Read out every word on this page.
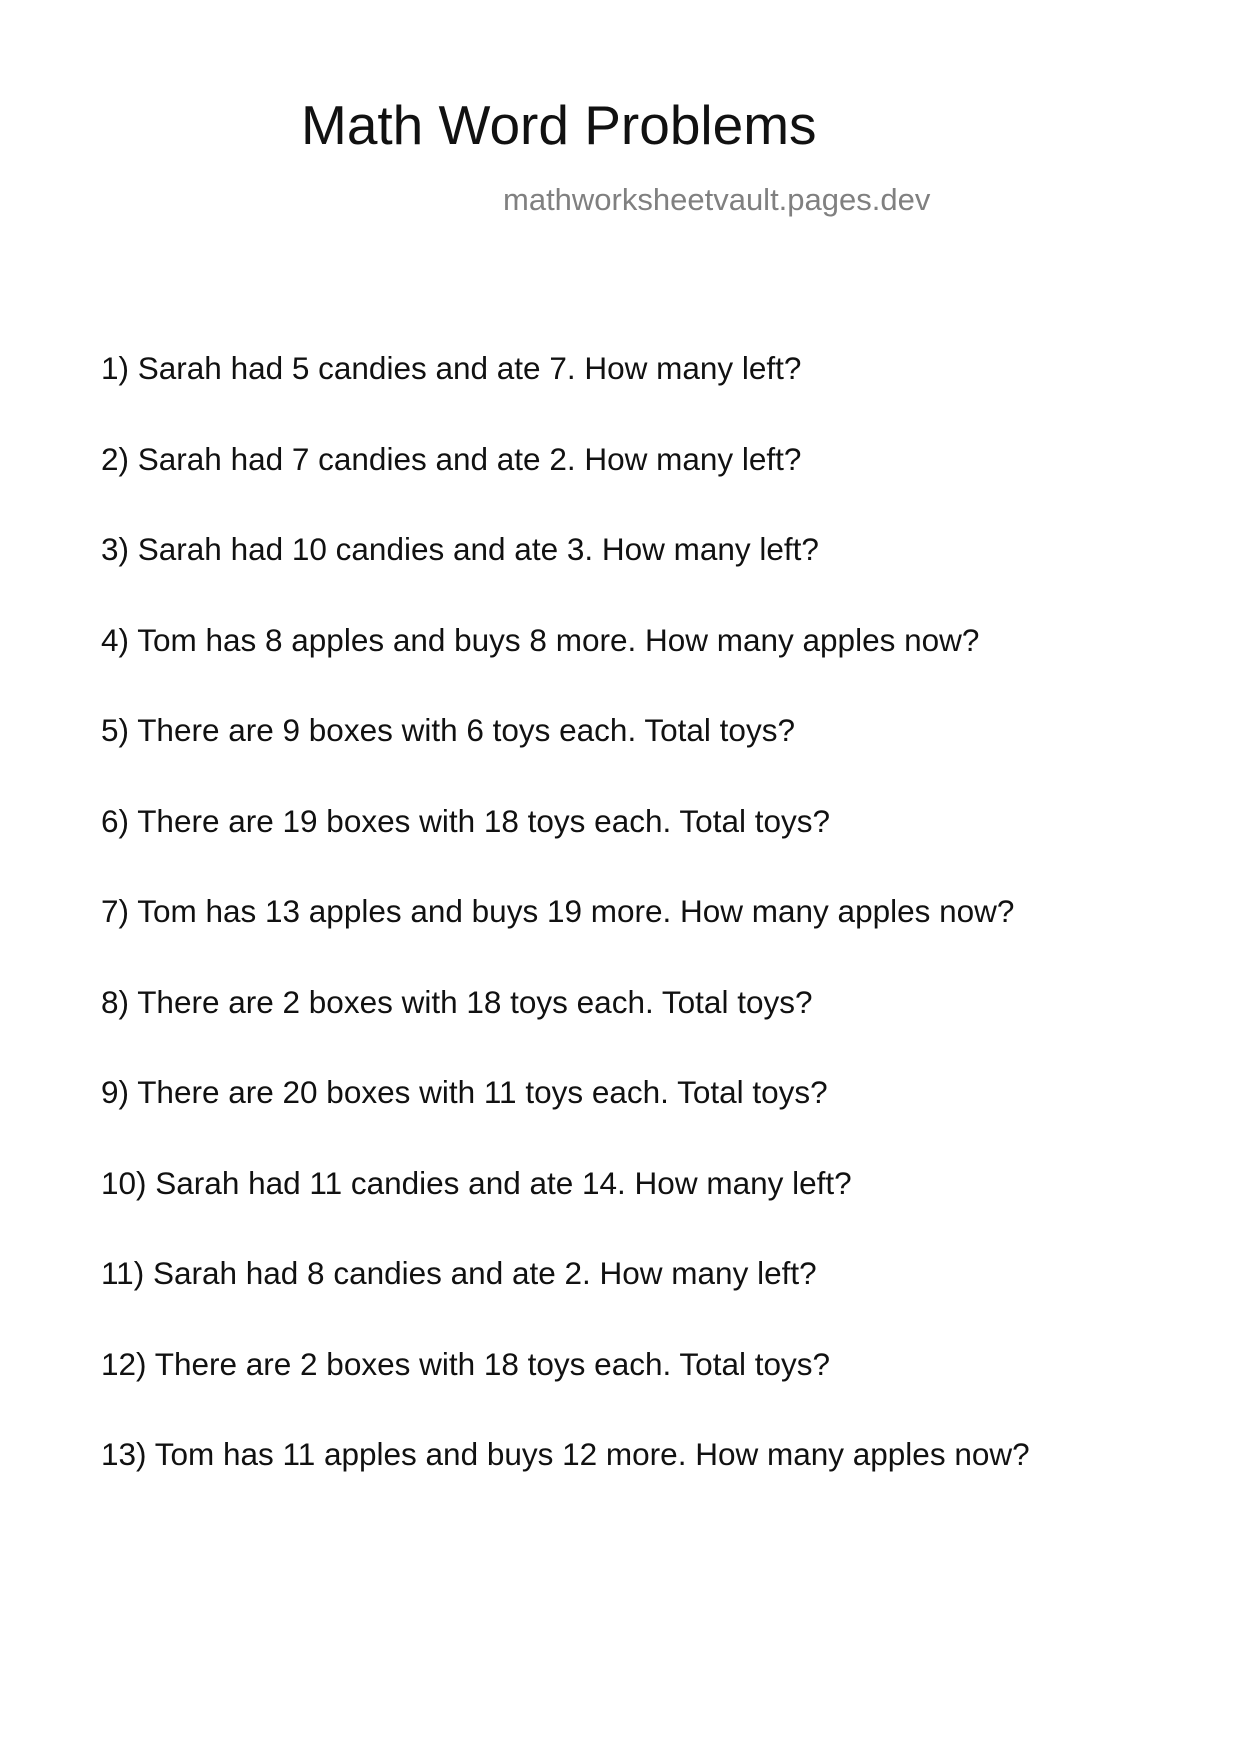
Math Word Problems
mathworksheetvault.pages.dev
1) Sarah had 5 candies and ate 7. How many left?
2) Sarah had 7 candies and ate 2. How many left?
3) Sarah had 10 candies and ate 3. How many left?
4) Tom has 8 apples and buys 8 more. How many apples now?
5) There are 9 boxes with 6 toys each. Total toys?
6) There are 19 boxes with 18 toys each. Total toys?
7) Tom has 13 apples and buys 19 more. How many apples now?
8) There are 2 boxes with 18 toys each. Total toys?
9) There are 20 boxes with 11 toys each. Total toys?
10) Sarah had 11 candies and ate 14. How many left?
11) Sarah had 8 candies and ate 2. How many left?
12) There are 2 boxes with 18 toys each. Total toys?
13) Tom has 11 apples and buys 12 more. How many apples now?
